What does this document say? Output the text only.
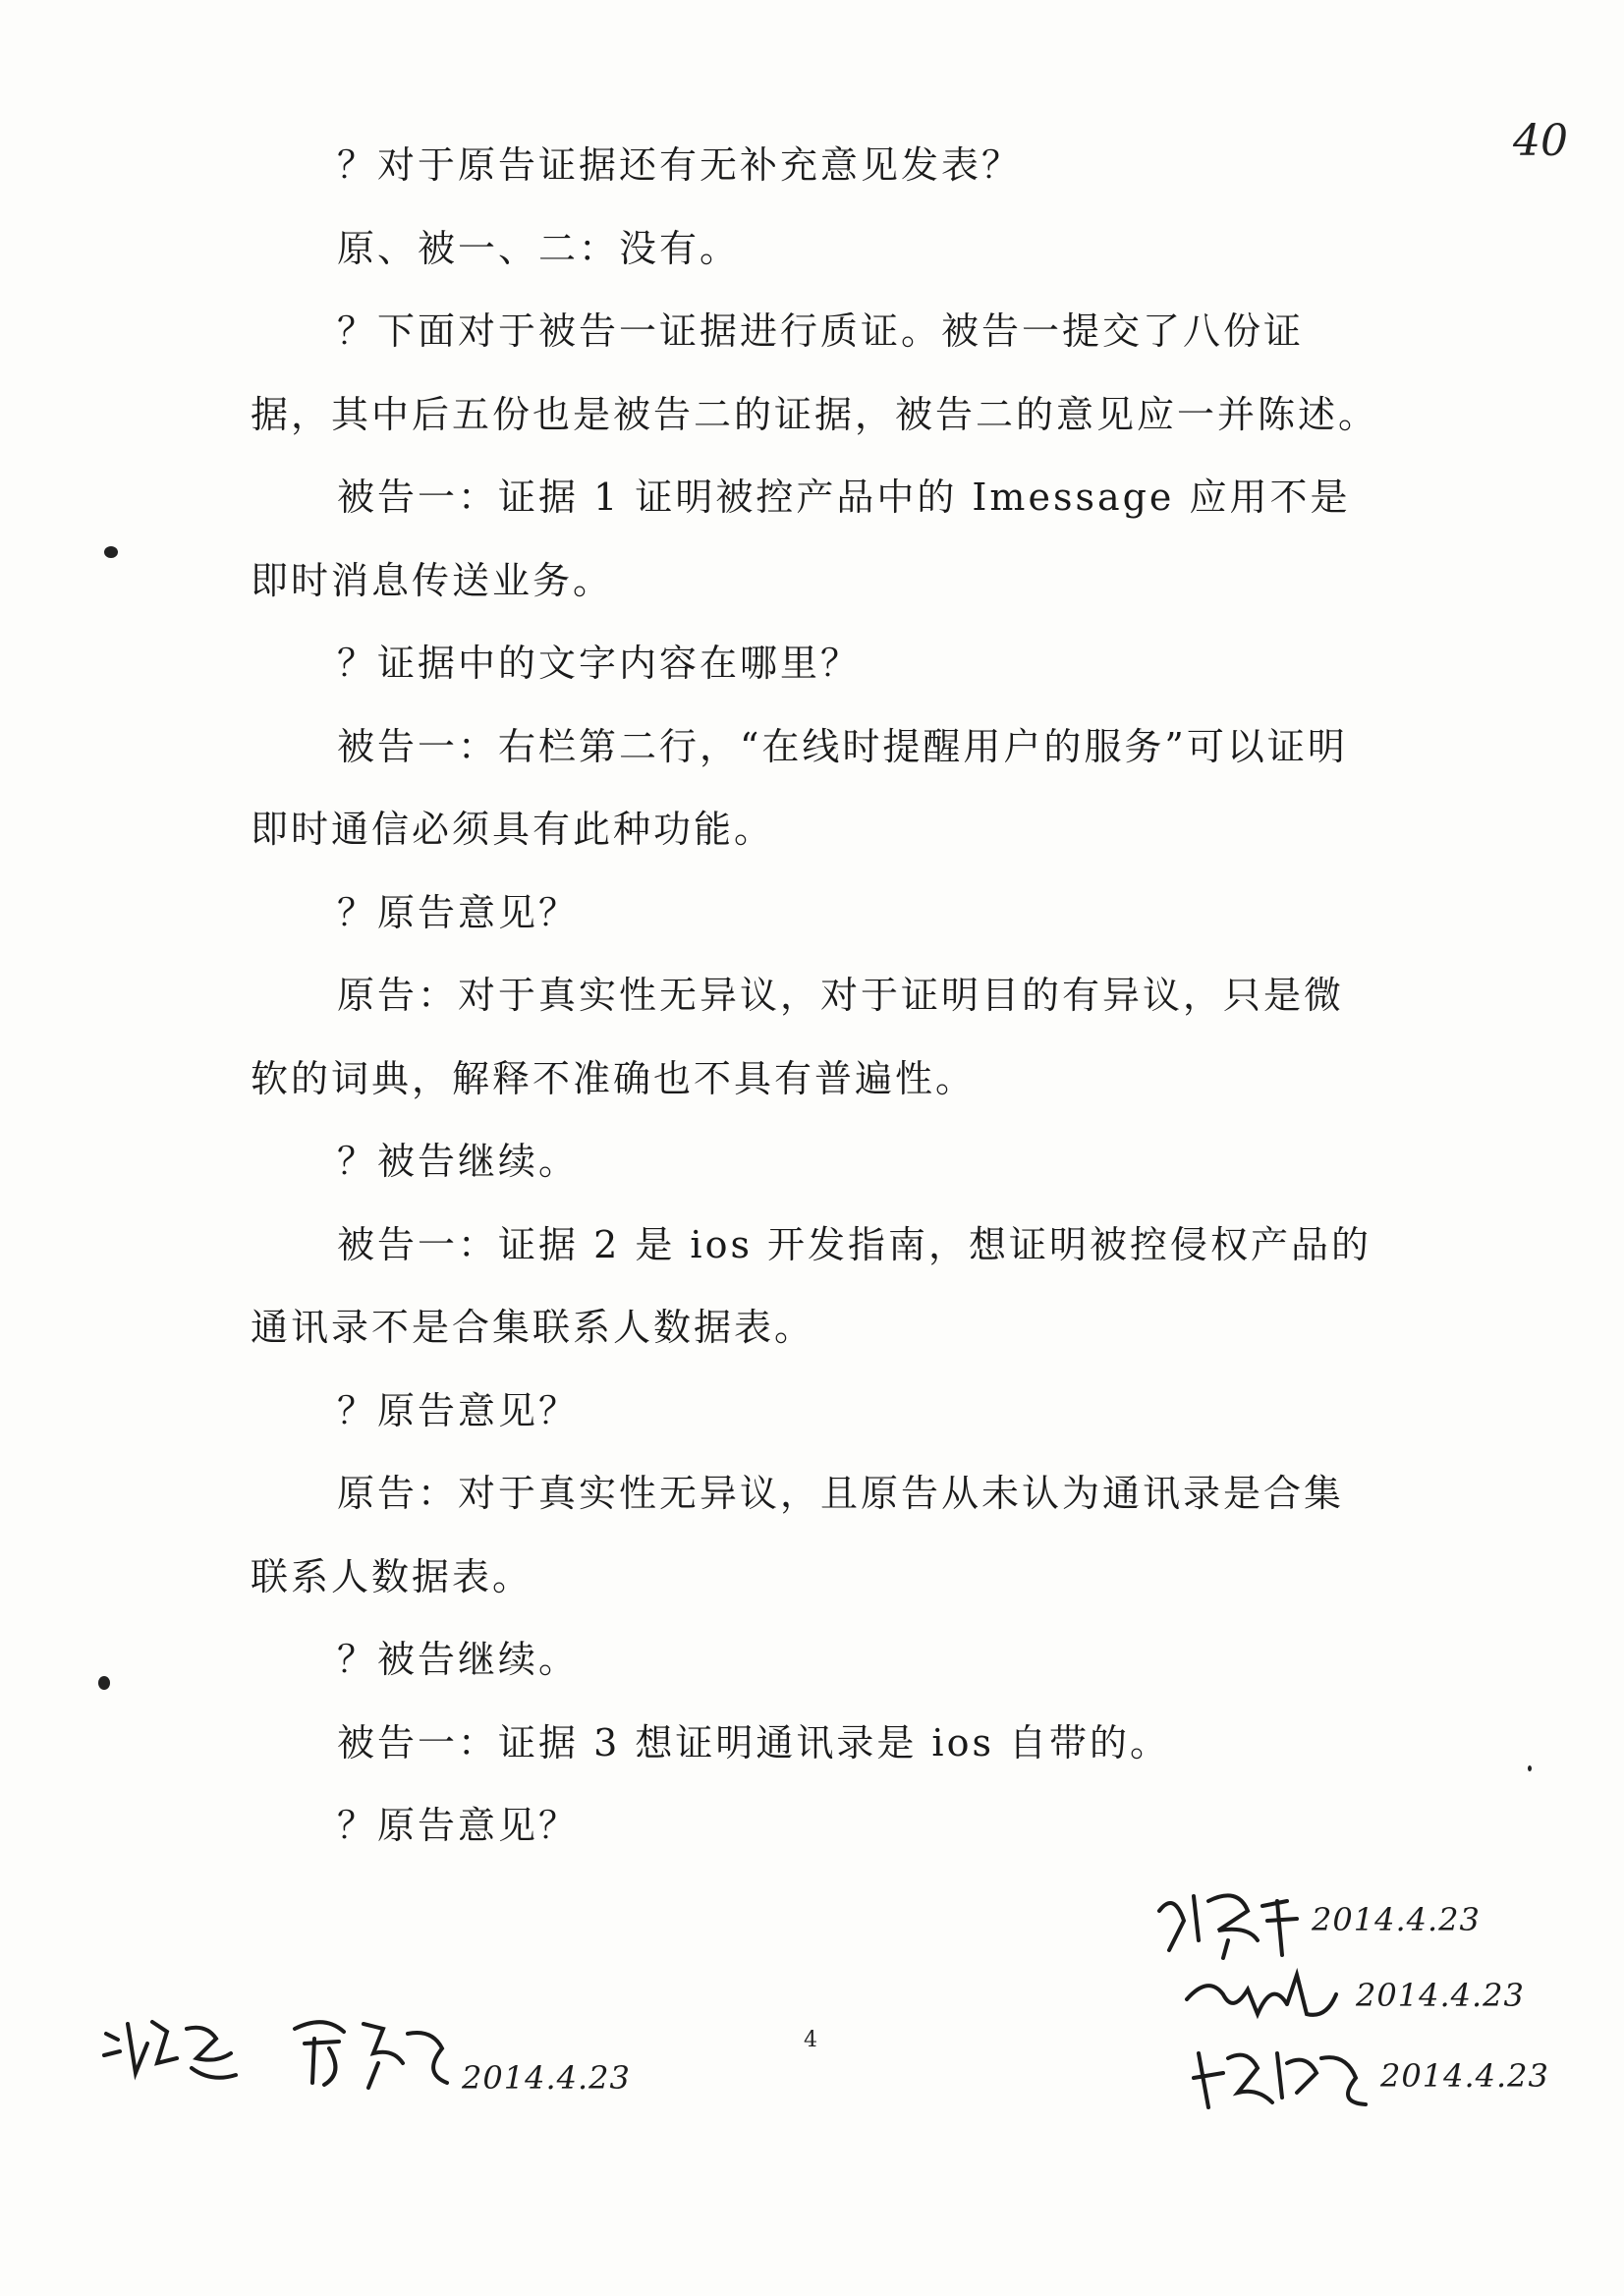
40

？对于原告证据还有无补充意见发表？

原、被一、二：没有。

？下面对于被告一证据进行质证。被告一提交了八份证据，其中后五份也是被告二的证据，被告二的意见应一并陈述。

被告一：证据 1 证明被控产品中的 Imessage 应用不是即时消息传送业务。

？证据中的文字内容在哪里？

被告一：右栏第二行，“在线时提醒用户的服务”可以证明即时通信必须具有此种功能。

？原告意见？

原告：对于真实性无异议，对于证明目的有异议，只是微软的词典，解释不准确也不具有普遍性。

？被告继续。

被告一：证据 2 是 ios 开发指南，想证明被控侵权产品的通讯录不是合集联系人数据表。

？原告意见？

原告：对于真实性无异议，且原告从未认为通讯录是合集联系人数据表。

？被告继续。

被告一：证据 3 想证明通讯录是 ios 自带的。

？原告意见？

4
2014.4.23
2014.4.23
2014.4.23
2014.4.23
